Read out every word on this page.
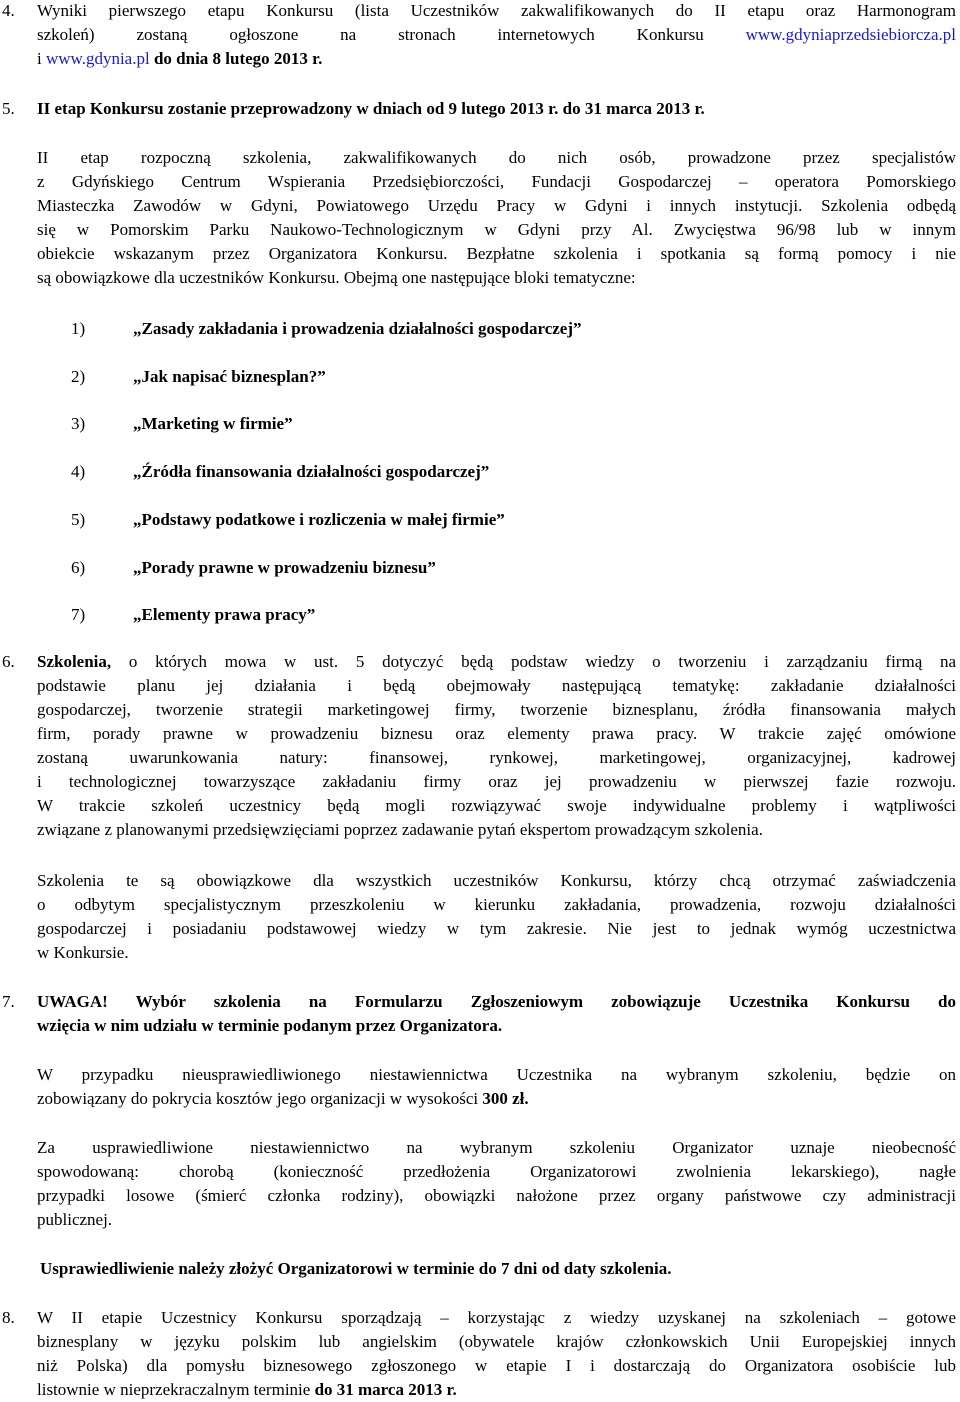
4. Wyniki pierwszego etapu Konkursu (lista Uczestników zakwalifikowanych do II etapu oraz Harmonogram
szkoleń) zostaną ogłoszone na stronach internetowych Konkursu www.gdyniaprzedsiebiorcza.pl
i www.gdynia.pl do dnia 8 lutego 2013 r.
5. II etap Konkursu zostanie przeprowadzony w dniach od 9 lutego 2013 r. do 31 marca 2013 r.
II etap rozpoczną szkolenia, zakwalifikowanych do nich osób, prowadzone przez specjalistów
z Gdyńskiego Centrum Wspierania Przedsiębiorczości, Fundacji Gospodarczej – operatora Pomorskiego
Miasteczka Zawodów w Gdyni, Powiatowego Urzędu Pracy w Gdyni i innych instytucji. Szkolenia odbędą
się w Pomorskim Parku Naukowo-Technologicznym w Gdyni przy Al. Zwycięstwa 96/98 lub w innym
obiekcie wskazanym przez Organizatora Konkursu. Bezpłatne szkolenia i spotkania są formą pomocy i nie
są obowiązkowe dla uczestników Konkursu. Obejmą one następujące bloki tematyczne:
1)	„Zasady zakładania i prowadzenia działalności gospodarczej”
2)	„Jak napisać biznesplan?”
3)	„Marketing w firmie”
4)	„Źródła finansowania działalności gospodarczej”
5)	„Podstawy podatkowe i rozliczenia w małej firmie”
6)	„Porady prawne w prowadzeniu biznesu”
7)	„Elementy prawa pracy”
6. Szkolenia, o których mowa w ust. 5 dotyczyć będą podstaw wiedzy o tworzeniu i zarządzaniu firmą na
podstawie planu jej działania i będą obejmowały następującą tematykę: zakładanie działalności
gospodarczej, tworzenie strategii marketingowej firmy, tworzenie biznesplanu, źródła finansowania małych
firm, porady prawne w prowadzeniu biznesu oraz elementy prawa pracy. W trakcie zajęć omówione
zostaną uwarunkowania natury: finansowej, rynkowej, marketingowej, organizacyjnej, kadrowej
i technologicznej towarzyszące zakładaniu firmy oraz jej prowadzeniu w pierwszej fazie rozwoju.
W trakcie szkoleń uczestnicy będą mogli rozwiązywać swoje indywidualne problemy i wątpliwości
związane z planowanymi przedsięwzięciami poprzez zadawanie pytań ekspertom prowadzącym szkolenia.
Szkolenia te są obowiązkowe dla wszystkich uczestników Konkursu, którzy chcą otrzymać zaświadczenia
o odbytym specjalistycznym przeszkoleniu w kierunku zakładania, prowadzenia, rozwoju działalności
gospodarczej i posiadaniu podstawowej wiedzy w tym zakresie. Nie jest to jednak wymóg uczestnictwa
w Konkursie.
7. UWAGA! Wybór szkolenia na Formularzu Zgłoszeniowym zobowiązuje Uczestnika Konkursu do
wzięcia w nim udziału w terminie podanym przez Organizatora.
W przypadku nieusprawiedliwionego niestawiennictwa Uczestnika na wybranym szkoleniu, będzie on
zobowiązany do pokrycia kosztów jego organizacji w wysokości 300 zł.
Za usprawiedliwione niestawiennictwo na wybranym szkoleniu Organizator uznaje nieobecność
spowodowaną: chorobą (konieczność przedłożenia Organizatorowi zwolnienia lekarskiego), nagłe
przypadki losowe (śmierć członka rodziny), obowiązki nałożone przez organy państwowe czy administracji
publicznej.
Usprawiedliwienie należy złożyć Organizatorowi w terminie do 7 dni od daty szkolenia.
8. W II etapie Uczestnicy Konkursu sporządzają – korzystając z wiedzy uzyskanej na szkoleniach – gotowe
biznesplany w języku polskim lub angielskim (obywatele krajów członkowskich Unii Europejskiej innych
niż Polska) dla pomysłu biznesowego zgłoszonego w etapie I i dostarczają do Organizatora osobiście lub
listownie w nieprzekraczalnym terminie do 31 marca 2013 r.
